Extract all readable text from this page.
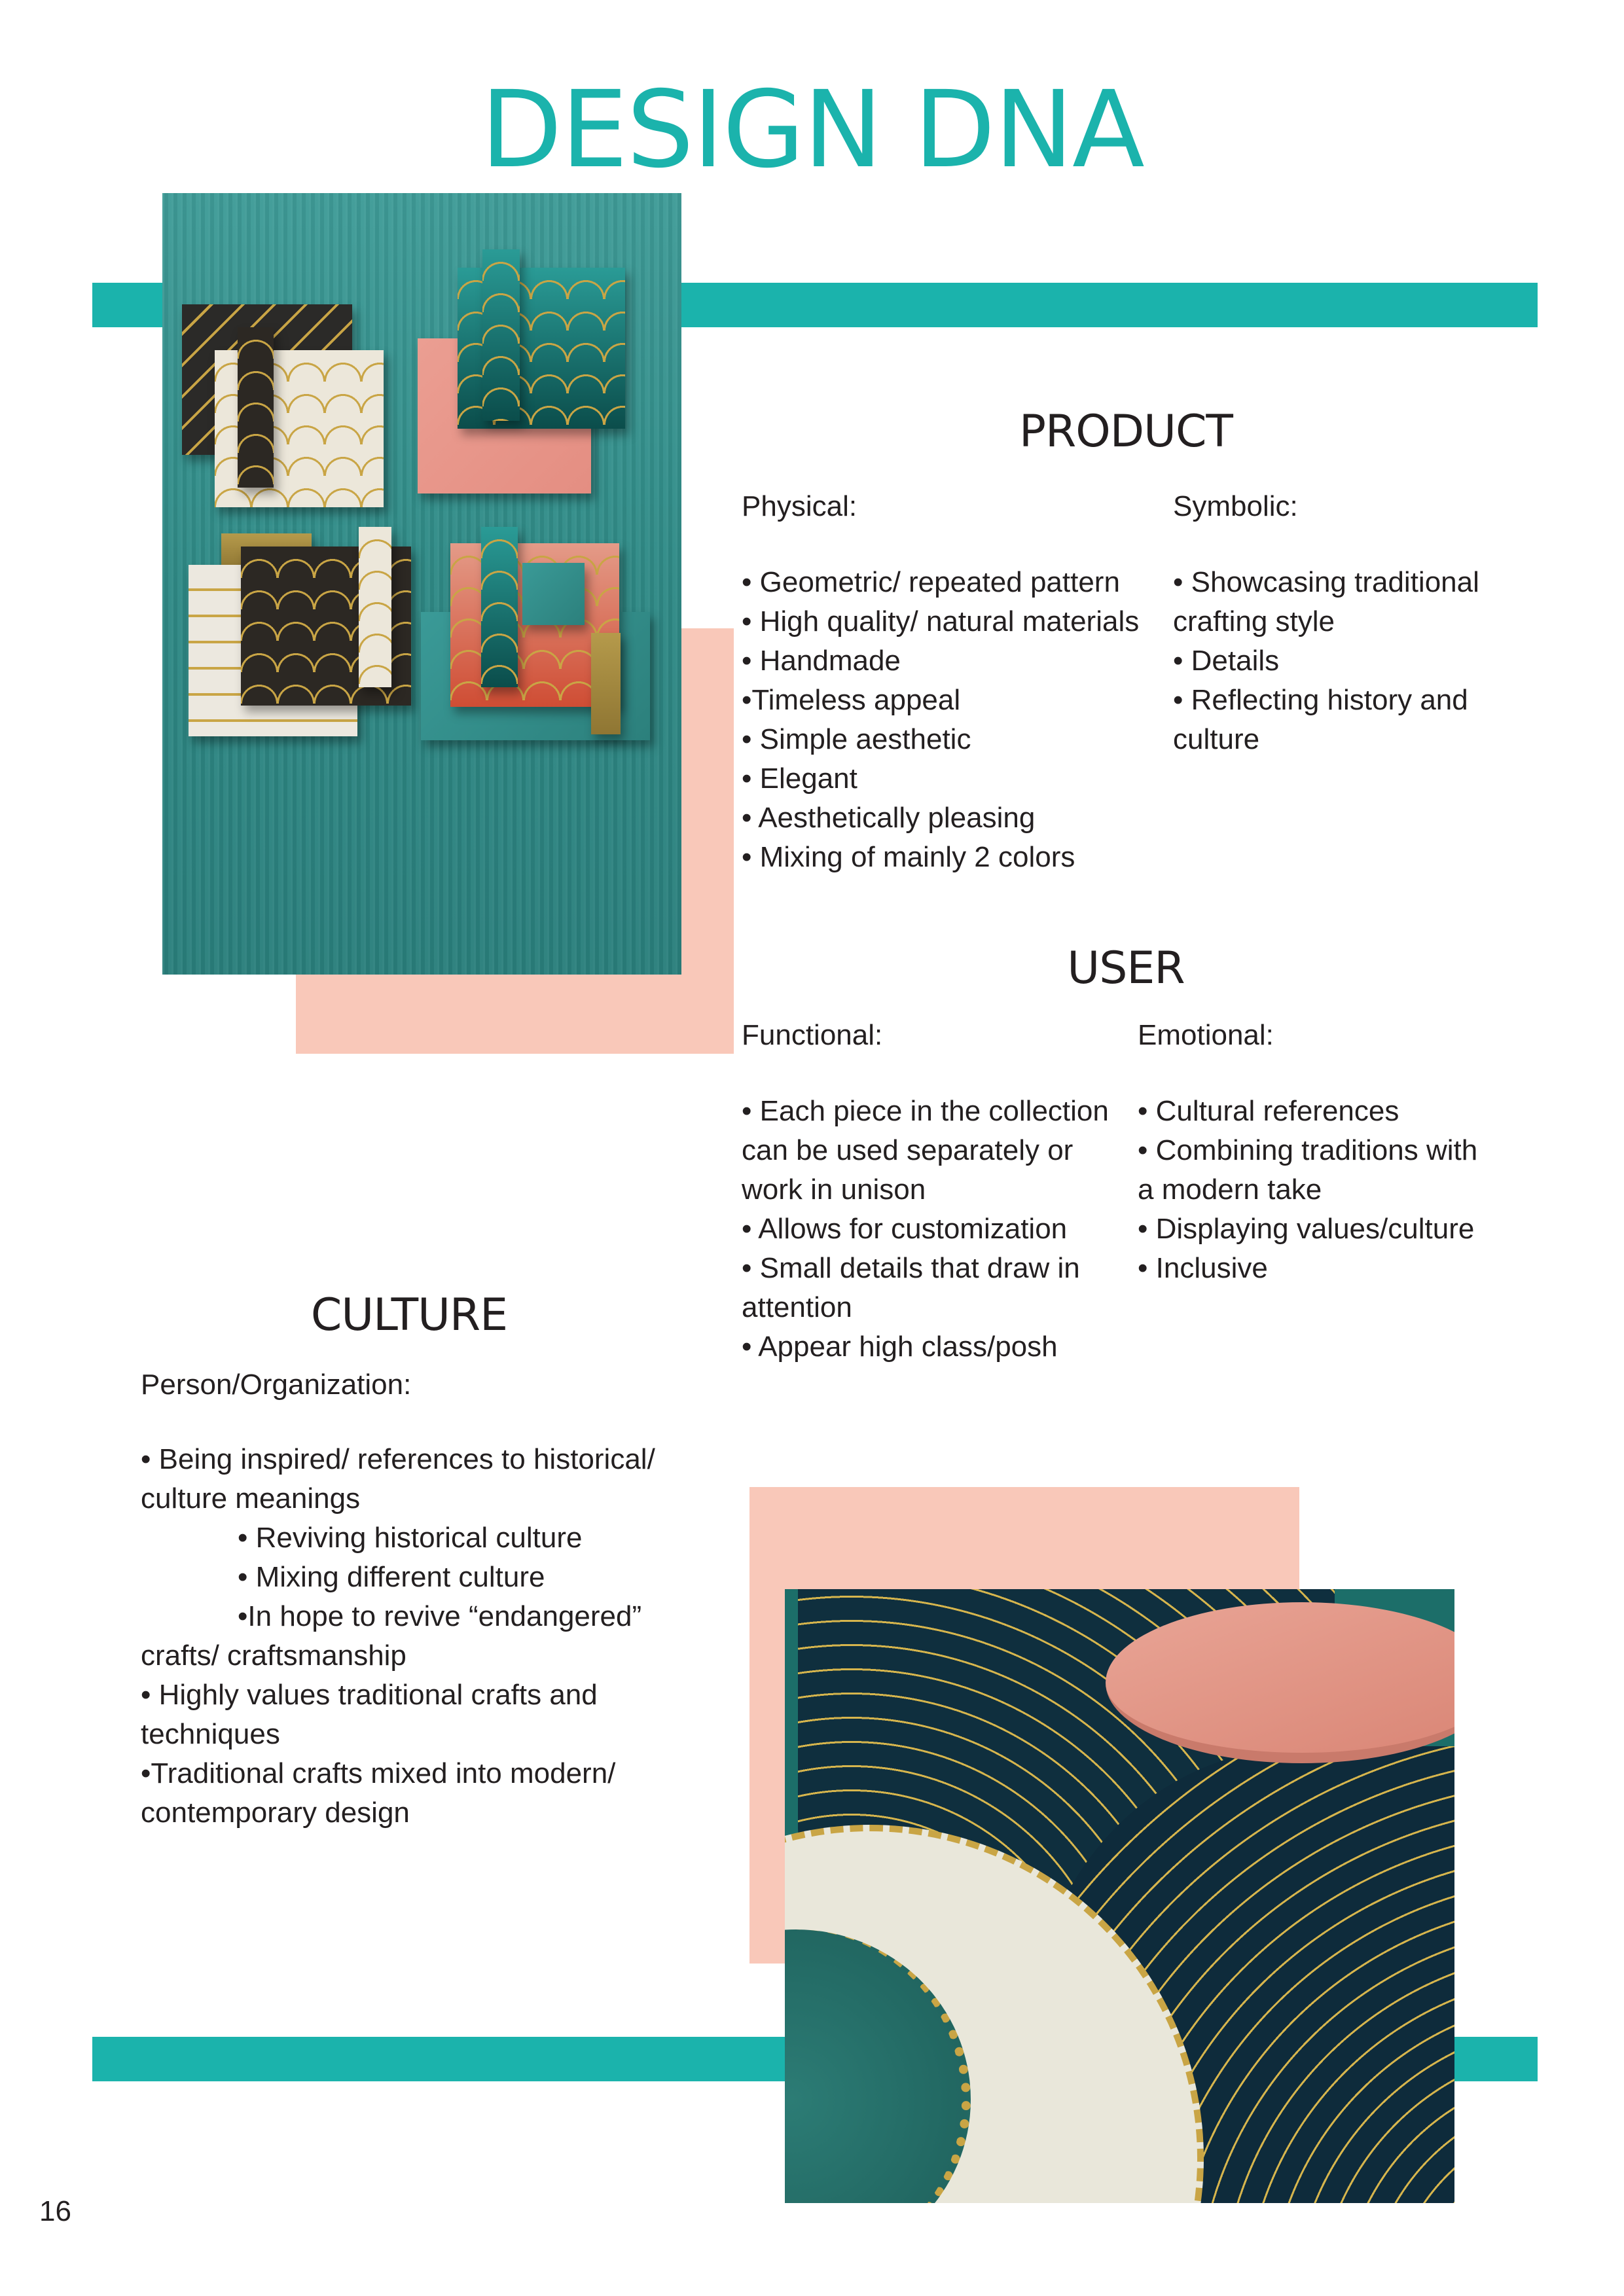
DESIGN DNA
PRODUCT
Physical:
• Geometric/ repeated pattern
• High quality/ natural materials
• Handmade
•Timeless appeal
• Simple aesthetic
• Elegant
• Aesthetically pleasing
• Mixing of mainly 2 colors
Symbolic:
• Showcasing traditional
crafting style
• Details
• Reflecting history and
culture
USER
Functional:
• Each piece in the collection
can be used separately or
work in unison
• Allows for customization
• Small details that draw in
attention
• Appear high class/posh
Emotional:
• Cultural references
• Combining traditions with
a modern take
• Displaying values/culture
• Inclusive
CULTURE
Person/Organization:
• Being inspired/ references to historical/
culture meanings
• Reviving historical culture
• Mixing different culture
•In hope to revive “endangered”
crafts/ craftsmanship
• Highly values traditional crafts and
techniques
•Traditional crafts mixed into modern/
contemporary design
16
